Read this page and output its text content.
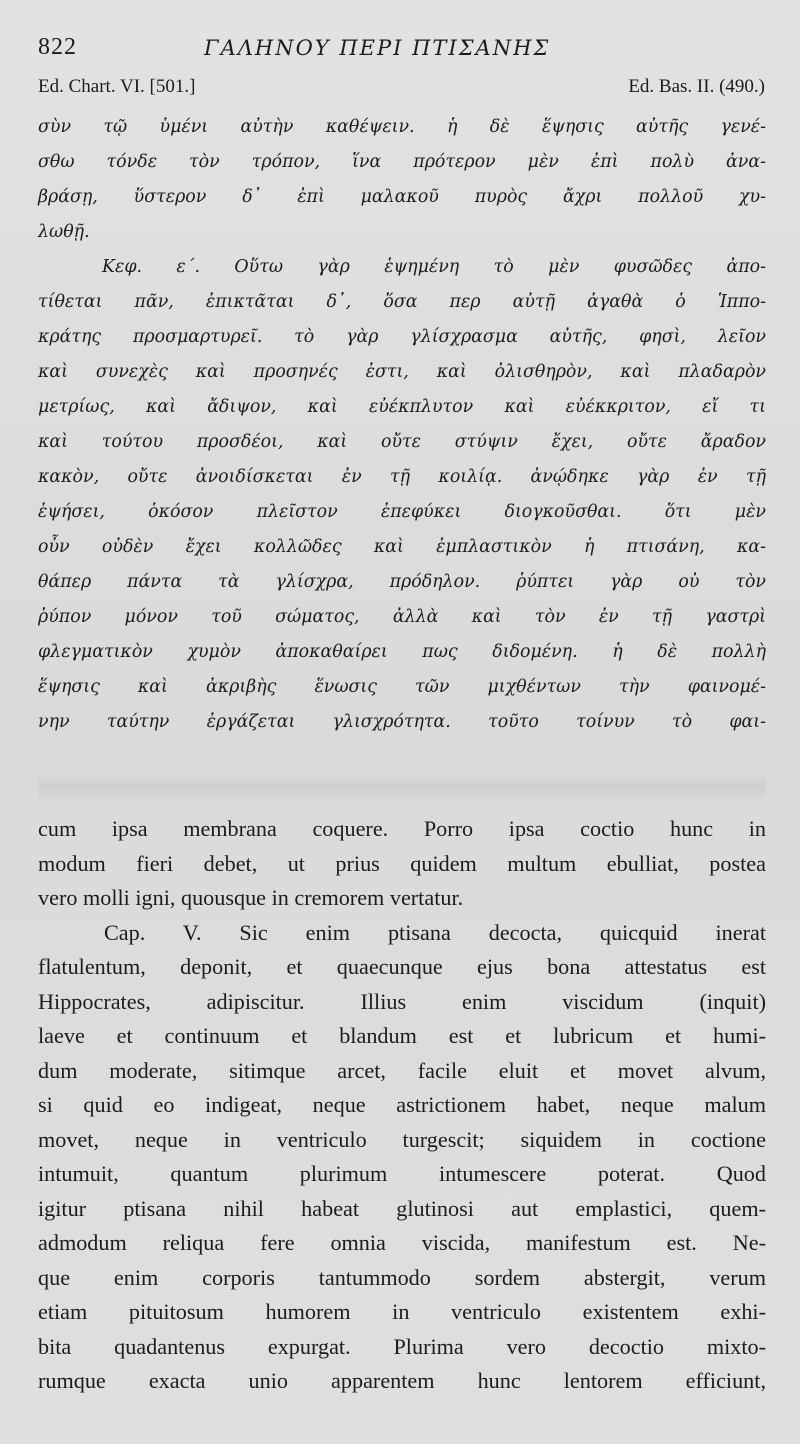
822	ΓΑΛΗΝΟΥ ΠΕΡΙ ΠΤΙΣΑΝΗΣ
Ed. Chart. VI. [501.]	Ed. Bas. II. (490.)
σὺν τῷ ὑμένι αὐτὴν καθέψειν. ἡ δὲ ἕψησις αὐτῆς γενέ-
σθω τόνδε τὸν τρόπον, ἵνα πρότερον μὲν ἐπὶ πολὺ ἀνα-
βράσῃ, ὕστερον δ᾽ ἐπὶ μαλακοῦ πυρὸς ἄχρι πολλοῦ χυ-
λωθῇ.
Κεφ. ε΄. Οὕτω γὰρ ἑψημένη τὸ μὲν φυσῶδες ἀπο-
τίθεται πᾶν, ἐπικτᾶται δ᾽, ὅσα περ αὐτῇ ἀγαθὰ ὁ Ἱππο-
κράτης προσμαρτυρεῖ. τὸ γὰρ γλίσχρασμα αὐτῆς, φησὶ, λεῖον
καὶ συνεχὲς καὶ προσηνές ἐστι, καὶ ὀλισθηρὸν, καὶ πλαδαρὸν
μετρίως, καὶ ἄδιψον, καὶ εὐέκπλυτον καὶ εὐέκκριτον, εἴ τι
καὶ τούτου προσδέοι, καὶ οὔτε στύψιν ἔχει, οὔτε ἄραδον
κακὸν, οὔτε ἀνοιδίσκεται ἐν τῇ κοιλίᾳ. ἀνῴδηκε γὰρ ἐν τῇ
ἑψήσει, ὁκόσον πλεῖστον ἐπεφύκει διογκοῦσθαι. ὅτι μὲν
οὖν οὐδὲν ἔχει κολλῶδες καὶ ἐμπλαστικὸν ἡ πτισάνη, κα-
θάπερ πάντα τὰ γλίσχρα, πρόδηλον. ῥύπτει γὰρ οὐ τὸν
ῥύπον μόνον τοῦ σώματος, ἀλλὰ καὶ τὸν ἐν τῇ γαστρὶ
φλεγματικὸν χυμὸν ἀποκαθαίρει πως διδομένη. ἡ δὲ πολλὴ
ἕψησις καὶ ἀκριβὴς ἕνωσις τῶν μιχθέντων τὴν φαινομέ-
νην ταύτην ἐργάζεται γλισχρότητα. τοῦτο τοίνυν τὸ φαι-
cum ipsa membrana coquere. Porro ipsa coctio hunc in
modum fieri debet, ut prius quidem multum ebulliat, postea
vero molli igni, quousque in cremorem vertatur.
Cap. V. Sic enim ptisana decocta, quicquid inerat
flatulentum, deponit, et quaecunque ejus bona attestatus est
Hippocrates, adipiscitur. Illius enim viscidum (inquit)
laeve et continuum et blandum est et lubricum et humi-
dum moderate, sitimque arcet, facile eluit et movet alvum,
si quid eo indigeat, neque astrictionem habet, neque malum
movet, neque in ventriculo turgescit; siquidem in coctione
intumuit, quantum plurimum intumescere poterat. Quod
igitur ptisana nihil habeat glutinosi aut emplastici, quem-
admodum reliqua fere omnia viscida, manifestum est. Ne-
que enim corporis tantummodo sordem abstergit, verum
etiam pituitosum humorem in ventriculo existentem exhi-
bita quadantenus expurgat. Plurima vero decoctio mixto-
rumque exacta unio apparentem hunc lentorem efficiunt,
